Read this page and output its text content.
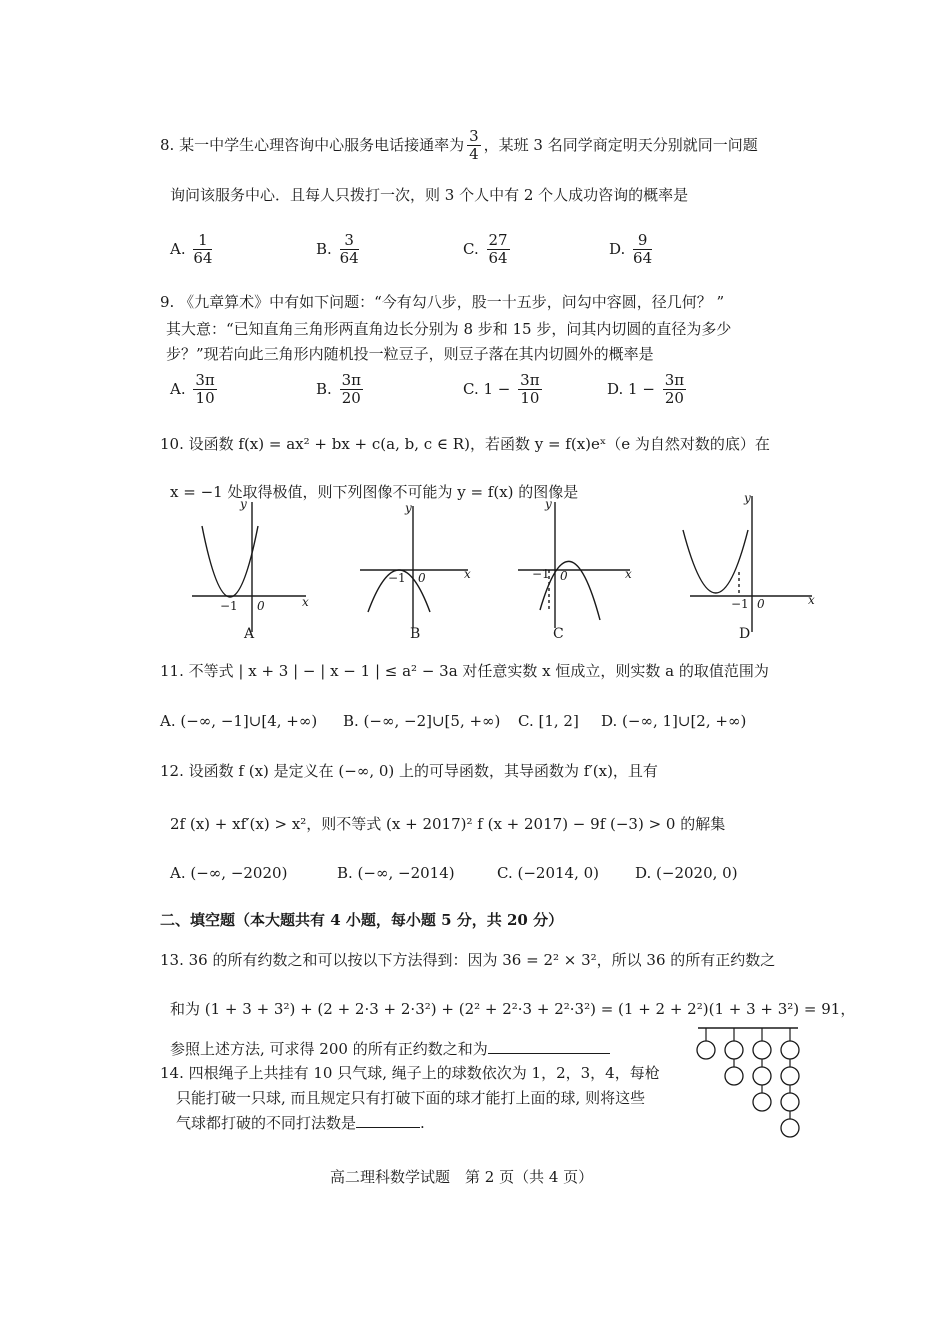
8. 某一中学生心理咨询中心服务电话接通率为 $\frac{3}{4}$ ，某班 3 名同学商定明天分别就同一问题
询问该服务中心．且每人只拨打一次，则 3 个人中有 2 个人成功咨询的概率是
A. $\frac{1}{64}$	B. $\frac{3}{64}$	C. $\frac{27}{64}$	D. $\frac{9}{64}$
9. 《九章算术》中有如下问题：“今有勾八步，股一十五步，问勾中容圆，径几何？ ”
其大意：“已知直角三角形两直角边长分别为 8 步和 15 步，问其内切圆的直径为多少
步？”现若向此三角形内随机投一粒豆子，则豆子落在其内切圆外的概率是
A. $\frac{3\pi}{10}$	B. $\frac{3\pi}{20}$	C. $1 - \frac{3\pi}{10}$	D. $1 - \frac{3\pi}{20}$
10. 设函数 f(x) = ax² + bx + c(a, b, c ∈ R)，若函数 y = f(x)eˣ（e 为自然对数的底）在
x = −1 处取得极值，则下列图像不可能为 y = f(x) 的图像是
y
x
y
x
y
x
y
x
−1 0
−1 0	−1 0
−1 0
A	B	C	D
11. 不等式 | x + 3 | − | x − 1 | ≤ a² − 3a 对任意实数 x 恒成立，则实数 a 的取值范围为
A. (−∞, −1]∪[4, +∞) B. (−∞, −2]∪[5, +∞) C. [1, 2] D. (−∞, 1]∪[2, +∞)
12. 设函数 f (x) 是定义在 (−∞, 0) 上的可导函数，其导函数为 f′(x)，且有
2f (x) + xf′(x) > x²，则不等式 (x + 2017)² f (x + 2017) − 9f (−3) > 0 的解集
A. (−∞, −2020)	B. (−∞, −2014)	C. (−2014, 0) D. (−2020, 0)
二、填空题（本大题共有 4 小题，每小题 5 分，共 20 分）
13. 36 的所有约数之和可以按以下方法得到：因为 36 = 2² × 3²，所以 36 的所有正约数之
和为 (1 + 3 + 3²) + (2 + 2·3 + 2·3²) + (2² + 2²·3 + 2²·3²) = (1 + 2 + 2²)(1 + 3 + 3²) = 91，
参照上述方法, 可求得 200 的所有正约数之和为
14. 四根绳子上共挂有 10 只气球, 绳子上的球数依次为 1，2，3，4，每枪
只能打破一只球, 而且规定只有打破下面的球才能打上面的球, 则将这些
气球都打破的不同打法数是	.
高二理科数学试题　第 2 页（共 4 页）
